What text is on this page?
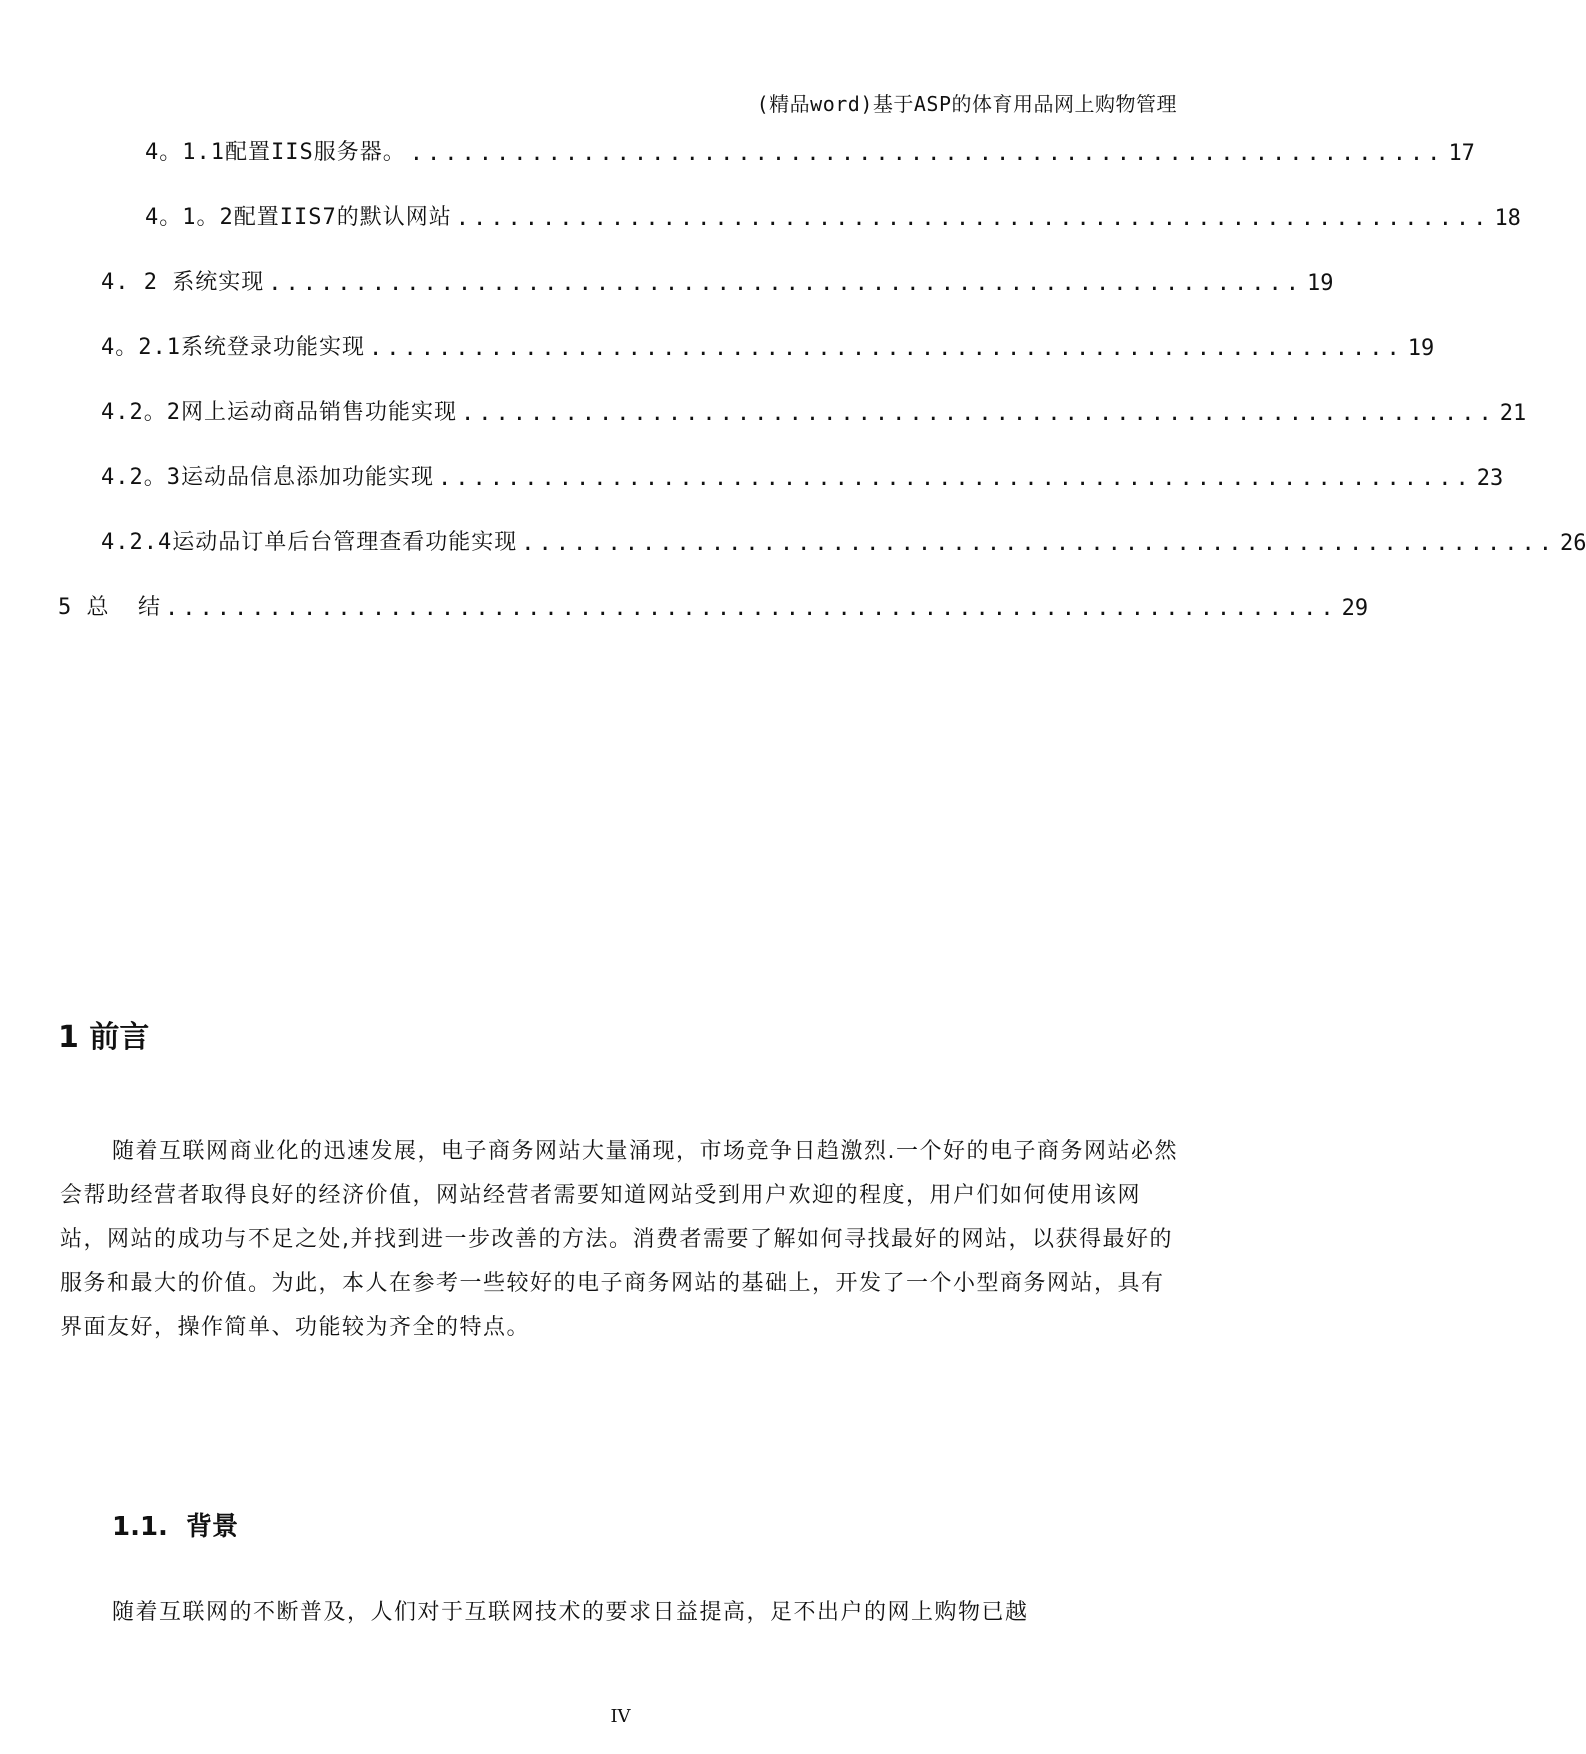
(精品word)基于ASP的体育用品网上购物管理
4。1.1配置IIS服务器。 ............................................................ 17
4。1。2配置IIS7的默认网站 ............................................................ 18
4. 2 系统实现 ............................................................ 19
4。2.1系统登录功能实现 ............................................................ 19
4.2。2网上运动商品销售功能实现 ............................................................ 21
4.2。3运动品信息添加功能实现 ............................................................ 23
4.2.4运动品订单后台管理查看功能实现 ............................................................ 26
5 总  结 .................................................................... 29
1 前言
随着互联网商业化的迅速发展，电子商务网站大量涌现，市场竞争日趋激烈.一个好的电子商务网站必然会帮助经营者取得良好的经济价值，网站经营者需要知道网站受到用户欢迎的程度，用户们如何使用该网站，网站的成功与不足之处,并找到进一步改善的方法。消费者需要了解如何寻找最好的网站，以获得最好的服务和最大的价值。为此，本人在参考一些较好的电子商务网站的基础上，开发了一个小型商务网站，具有界面友好，操作简单、功能较为齐全的特点。
1.1. 背景
随着互联网的不断普及，人们对于互联网技术的要求日益提高，足不出户的网上购物已越
IV
